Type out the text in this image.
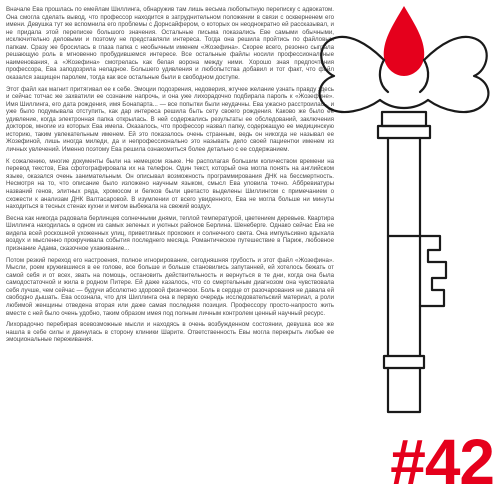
Вначале Ева прошлась по емейлам Шиллинга, обнаружив там лишь весьма любопытную переписку с адвокатом. Она смогла сделать вывод, что профессор находится в затруднительном положении в связи с оскверненем его имени. Девушка тут же вспомнила его проблемы с Дорнсайфером, о которых он неоднократно ей рассказывал, и не придала этой переписке большого значения. Остальные письма показались Еве самыми обычными, исключительно деловыми и поэтому не представляли интереса. Тогда она решила пройтись по файловым папкам. Сразу же бросилась в глаза папка с необычным именем «Жозефина». Скорее всего, резонно сыграла решающую роль в мгновенно пробудившемся интересе. Все остальные файлы носили профессиональные наименования, а «Жозефина» смотрелась как белая ворона между ними. Хорошо зная предпочтения профессора, Ева заподозрила неладное. Большего удивления и любопытства добавил и тот факт, что файл оказался защищен паролем, тогда как все остальные были в свободном доступе.

Этот файл как магнит притягивал ее к себе. Эмоции подозрения, недоверия, жгучее желание узнать правду здесь и сейчас тотчас же захватили ее сознание напрочь, и она уже лихорадочно подбирала пароль к «Жозефине». Имя Шиллинга, его дата рождения, имя Бонапарта... — все попытки были неудачны. Ева ужасно расстроилась, и уже было подумывала отступить, как дар интереса решила быть сету своего рождения. Каково же было ее удивление, когда электронная папка открылась. В ней содержались результаты ее обследований, заключения докторов, многие из которых Ева имела. Оказалось, что профессор назвал папку, содержащую ее медицинскую историю, таким увлекательным именем. Ей это показалось очень странным, ведь он никогда не называл ее Жозефиной, лишь иногда миледи, да и непрофессионально это называть дело своей пациентки именем из личных увлечений. Именно поэтому Ева решила ознакомиться более детально с ее содержанием.

К сожалению, многие документы были на немецком языке. Не располагая большим количеством времени на перевод текстов, Ева сфотографировала их на телефон. Один текст, который она могла понять на английском языке, оказался очень занимательным. Он описывал возможность программирования ДНК на бессмертность. Несмотря на то, что описание было изложено научным языком, смысл Ева уловила точно. Аббревиатуры названий генов, элитных ряда, хромосом и белков были цветасто выделены Шиллингом с примечанием о схожести к анализам ДНК Валтасаровой. В изумлении от всего увиденного, Ева не могла больше ни минуты находиться в тесных стенах кухни и мигом выбежала на свежий воздух.

Весна как никогда радовала берлинцев солнечными днями, теплой температурой, цветением деревьев. Квартира Шиллинга находилась в одном из самых зеленых и уютных районов Берлина. Шенеберге. Однако сейчас Ева не видела всей роскошной ухоженных улиц, приветливых прохожих и солнечного света. Она импульсивно вдыхала воздух и мысленно прокручивала события последнего месяца. Романтическое путешествие в Париж, любовное признание Адама, сказочное ухаживание...

Потом резкий переход его настроения, полное игнорирование, сегодняшняя грубость и этот файл «Жозефина». Мысли, роем кружившиеся в ее голове, все больше и больше становились запутанней, ей хотелось бежать от самой себя и от всех, звать на помощь, остановить действительность и вернуться в те дни, когда она была самодостаточной и жила в родном Питере. Ей даже казалось, что со смертельным диагнозом она чувствовала себя лучше, чем сейчас — будучи абсолютно здоровой физически. Боль в сердце от разочарования не давала ей свободно дышать. Ева осознала, что для Шиллинга она в первую очередь исследовательский материал, а роли любимой женщины отведена вторая или даже самая последняя позиция. Профессору просто-напросто жить вместе с ней было очень удобно, таким образом имея под полным личным контролем ценный научный ресурс.

Лихорадочно перебирая всевозможные мысли и находясь в очень возбужденном состоянии, девушка все же нашла в себе силы и двинулась в сторону клиники Шарите. Ответственность Евы могла перекрыть любые ее эмоциональные переживания.

#42
